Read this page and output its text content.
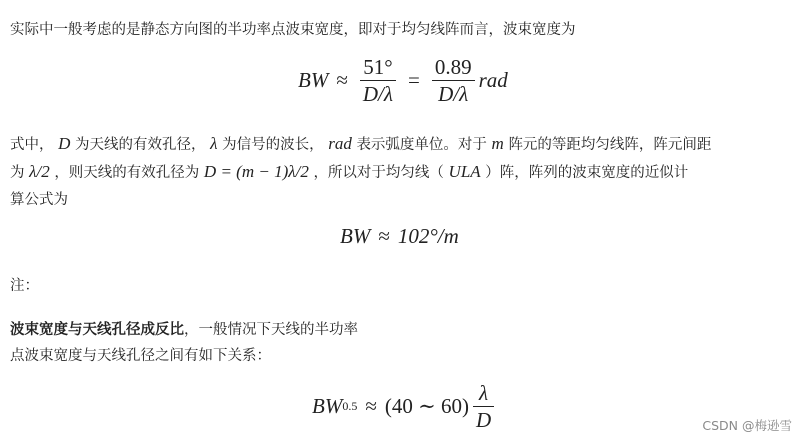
实际中一般考虑的是静态方向图的半功率点波束宽度，即对于均匀线阵而言，波束宽度为
BW ≈ $\frac{51^\circ}{D/\lambda} = \frac{0.89}{D/\lambda}$ rad
式中， D 为天线的有效孔径， λ 为信号的波长， rad 表示弧度单位。对于 m 阵元的等距均匀线阵，阵元间距
为 λ/2 ，则天线的有效孔径为 D = (m − 1)λ/2 ，所以对于均匀线（ ULA ）阵，阵列的波束宽度的近似计
算公式为
BW ≈ 102°/m
注：
波束宽度与天线孔径成反比，一般情况下天线的半功率
点波束宽度与天线孔径之间有如下关系：
BW 0.5 ≈ (40 ∼ $60) \frac{\lambda}{D}$	CSDN @梅逊雪
